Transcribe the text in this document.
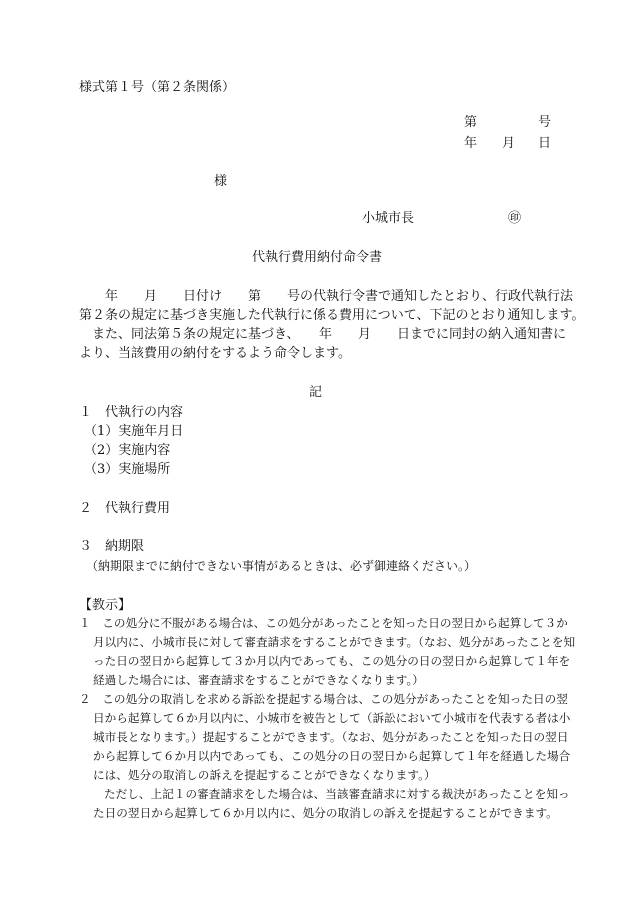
様式第１号（第２条関係）
第	号
年 月 日
様
小城市長	㊞
代執行費用納付命令書
　　年　　月　　日付け　　第　　号の代執行令書で通知したとおり、行政代執行法
第２条の規定に基づき実施した代執行に係る費用について、下記のとおり通知します。
　また、同法第５条の規定に基づき、　　年　　月　　日までに同封の納入通知書に
より、当該費用の納付をするよう命令します。
記
１　代執行の内容
（1）実施年月日
（2）実施内容
（3）実施場所
２　代執行費用
３　納期限
（納期限までに納付できない事情があるときは、必ず御連絡ください。）
【教示】
１　この処分に不服がある場合は、この処分があったことを知った日の翌日から起算して３か
月以内に、小城市長に対して審査請求をすることができます。（なお、処分があったことを知
った日の翌日から起算して３か月以内であっても、この処分の日の翌日から起算して１年を
経過した場合には、審査請求をすることができなくなります。）
２　この処分の取消しを求める訴訟を提起する場合は、この処分があったことを知った日の翌
日から起算して６か月以内に、小城市を被告として（訴訟において小城市を代表する者は小
城市長となります。）提起することができます。（なお、処分があったことを知った日の翌日
から起算して６か月以内であっても、この処分の日の翌日から起算して１年を経過した場合
には、処分の取消しの訴えを提起することができなくなります。）
ただし、上記１の審査請求をした場合は、当該審査請求に対する裁決があったことを知っ
た日の翌日から起算して６か月以内に、処分の取消しの訴えを提起することができます。
